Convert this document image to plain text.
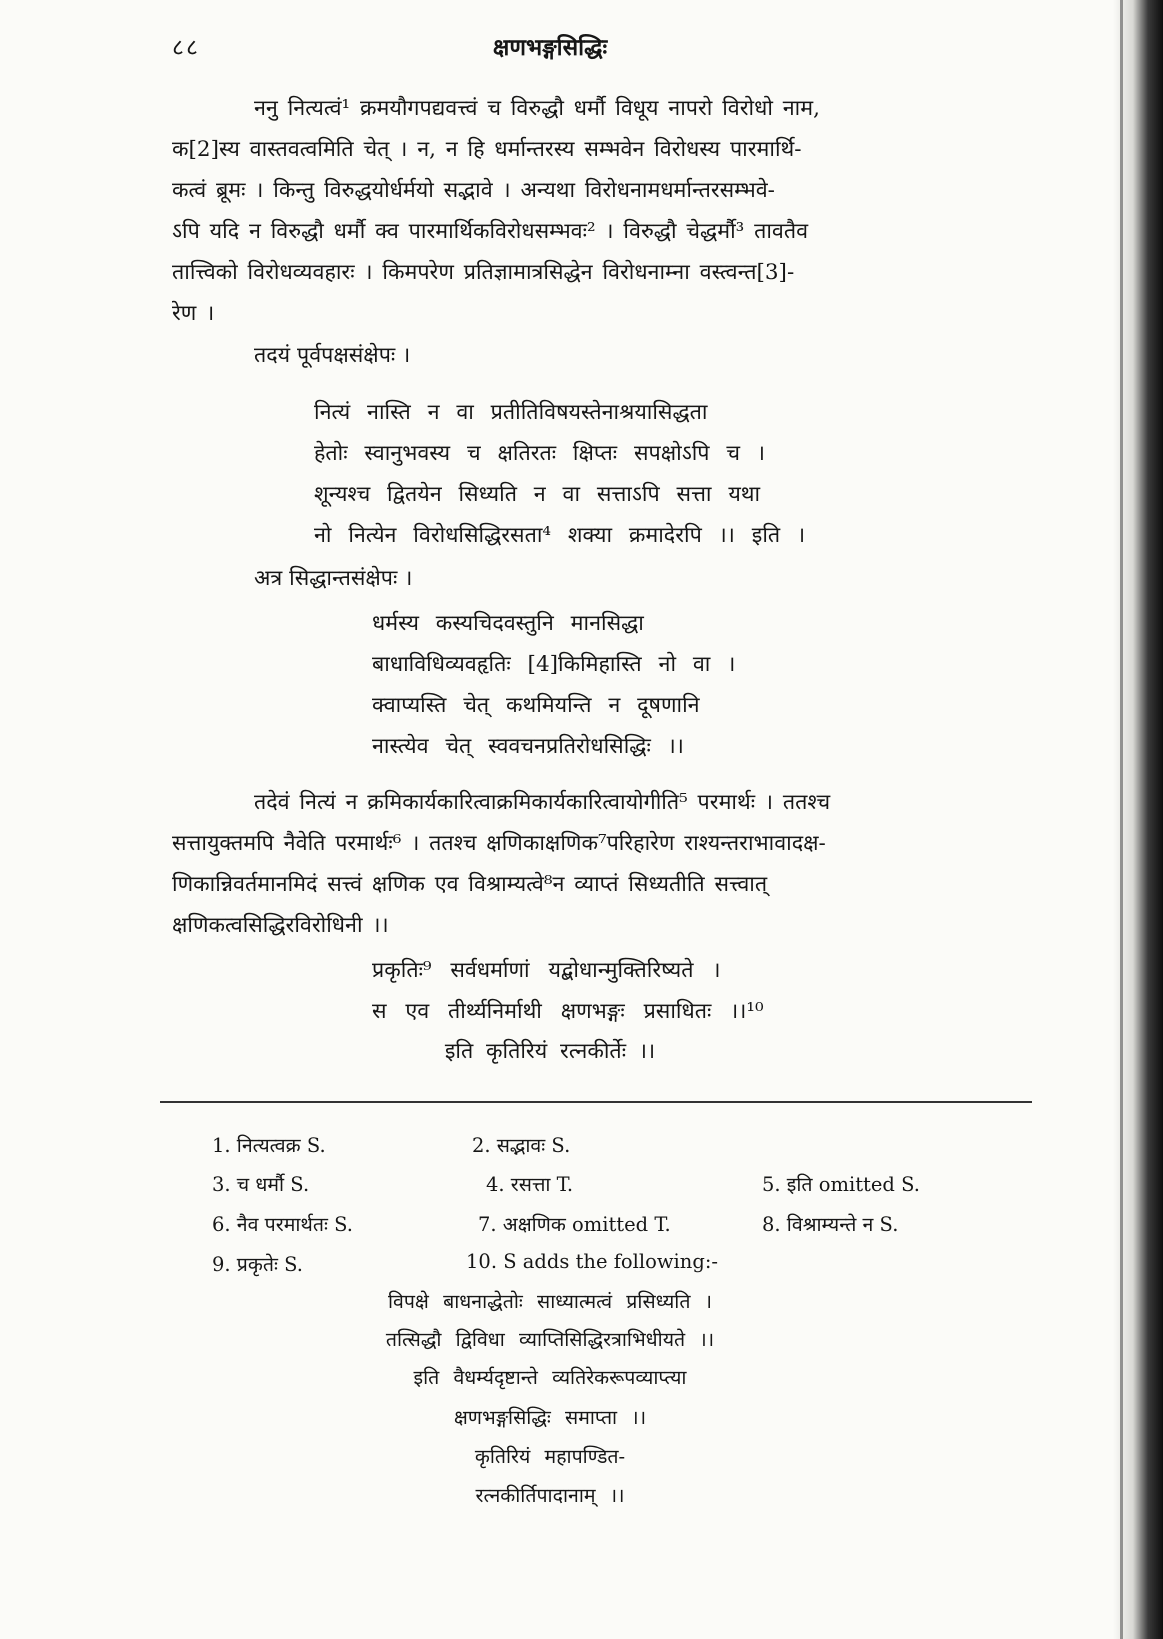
८८	क्षणभङ्गसिद्धिः
ननु नित्यत्वं¹ क्रमयौगपद्यवत्त्वं च विरुद्धौ धर्मौ विधूय नापरो विरोधो नाम,
क[2]स्य वास्तवत्वमिति चेत् । न, न हि धर्मान्तरस्य सम्भवेन विरोधस्य पारमार्थि-
कत्वं ब्रूमः । किन्तु विरुद्धयोर्धर्मयो सद्भावे । अन्यथा विरोधनामधर्मान्तरसम्भवे-
ऽपि यदि न विरुद्धौ धर्मौ क्व पारमार्थिकविरोधसम्भवः² । विरुद्धौ चेद्धर्मौ³ तावतैव
तात्त्विको विरोधव्यवहारः । किमपरेण प्रतिज्ञामात्रसिद्धेन विरोधनाम्ना वस्त्वन्त[3]-
रेण ।
तदयं पूर्वपक्षसंक्षेपः ।
नित्यं नास्ति न वा प्रतीतिविषयस्तेनाश्रयासिद्धता
हेतोः स्वानुभवस्य च क्षतिरतः क्षिप्तः सपक्षोऽपि च ।
शून्यश्च द्वितयेन सिध्यति न वा सत्ताऽपि सत्ता यथा
नो नित्येन विरोधसिद्धिरसता⁴ शक्या क्रमादेरपि ।। इति ।
अत्र सिद्धान्तसंक्षेपः ।
धर्मस्य कस्यचिदवस्तुनि मानसिद्धा
बाधाविधिव्यवहृतिः [4]किमिहास्ति नो वा ।
क्वाप्यस्ति चेत् कथमियन्ति न दूषणानि
नास्त्येव चेत् स्ववचनप्रतिरोधसिद्धिः ।।
तदेवं नित्यं न क्रमिकार्यकारित्वाक्रमिकार्यकारित्वायोगीति⁵ परमार्थः । ततश्च
सत्तायुक्तमपि नैवेति परमार्थः⁶ । ततश्च क्षणिकाक्षणिक⁷परिहारेण राश्यन्तराभावादक्ष-
णिकान्निवर्तमानमिदं सत्त्वं क्षणिक एव विश्राम्यत्वे⁸न व्याप्तं सिध्यतीति सत्त्वात्
क्षणिकत्वसिद्धिरविरोधिनी ।।
प्रकृतिः⁹ सर्वधर्माणां यद्बोधान्मुक्तिरिष्यते ।
स एव तीर्थ्यनिर्माथी क्षणभङ्गः प्रसाधितः ।।¹⁰
इति कृतिरियं रत्नकीर्तेः ।।
1. नित्यत्वक्र S.	2. सद्भावः S.
3. च धर्मौ S.	4. रसत्ता T.	5. इति omitted S.
6. नैव परमार्थतः S.	7. अक्षणिक omitted T.	8. विश्राम्यन्ते न S.
9. प्रकृतेः S.	10. S adds the following:-
विपक्षे बाधनाद्धेतोः साध्यात्मत्वं प्रसिध्यति ।
तत्सिद्धौ द्विविधा व्याप्तिसिद्धिरत्राभिधीयते ।।
इति वैधर्म्यदृष्टान्ते व्यतिरेकरूपव्याप्त्या
क्षणभङ्गसिद्धिः समाप्ता ।।
कृतिरियं महापण्डित-
रत्नकीर्तिपादानाम् ।।
